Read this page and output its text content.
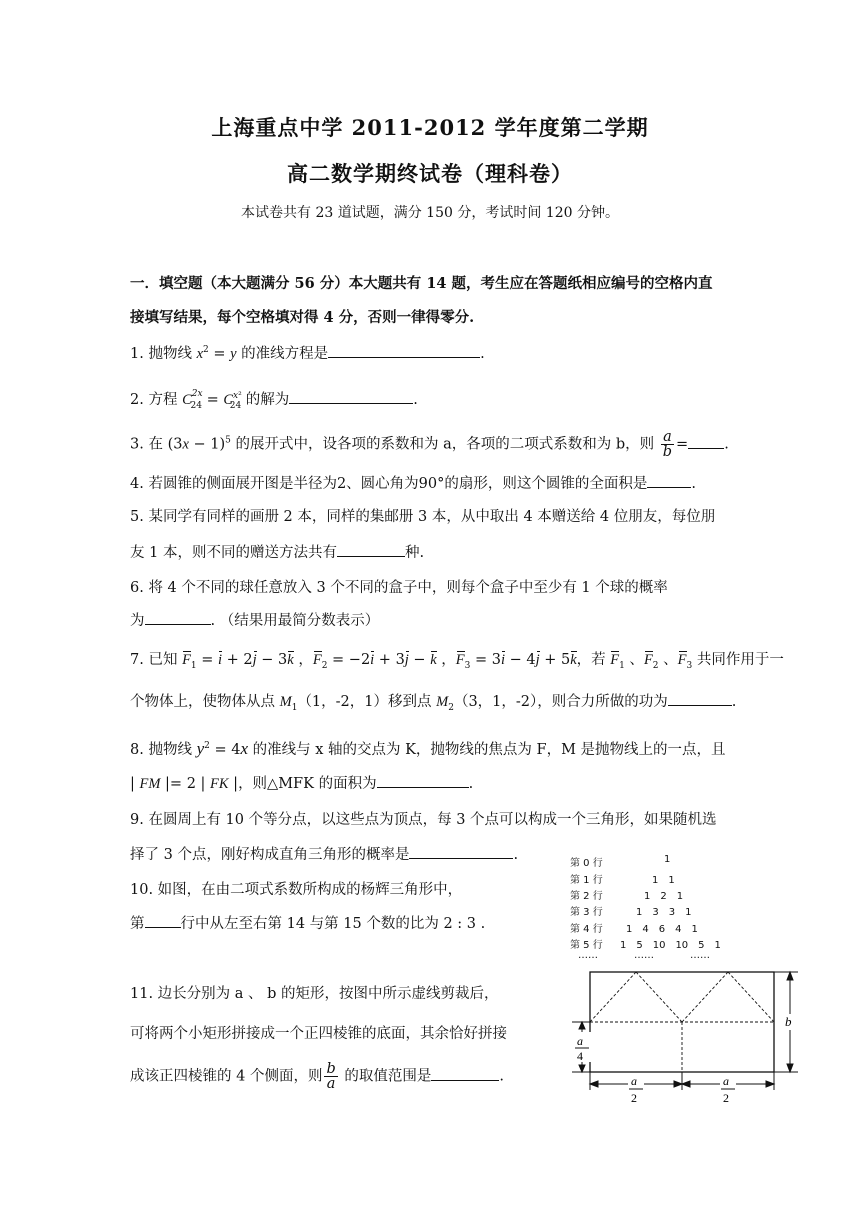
上海重点中学 2011-2012 学年度第二学期
高二数学期终试卷（理科卷）
本试卷共有 23 道试题，满分 150 分，考试时间 120 分钟。
一．填空题（本大题满分 56 分）本大题共有 14 题，考生应在答题纸相应编号的空格内直
接填写结果，每个空格填对得 4 分，否则一律得零分.
1. 抛物线 $x^2 = y$ 的准线方程是	.
2. 方程 $C^{2x}_{24} = C^{x^2}_{24}$ 的解为	.
3. 在 $(3x - 1)^5$ 的展开式中，设各项的系数和为 a，各项的二项式系数和为 b，则 $\frac{a}{b}$ = .
4. 若圆锥的侧面展开图是半径为2、圆心角为90°的扇形，则这个圆锥的全面积是	.
5. 某同学有同样的画册 2 本，同样的集邮册 3 本，从中取出 4 本赠送给 4 位朋友，每位朋
友 1 本，则不同的赠送方法共有	种.
6. 将 4 个不同的球任意放入 3 个不同的盒子中，则每个盒子中至少有 1 个球的概率
为	. （结果用最简分数表示）
7. 已知 $F_1 = i + 2j - 3k$ ，$F_2 = -2i + 3j - k$ ，$F_3 = 3i - 4j + 5k$，若 $F_1$ 、$F_2$ 、$F_3$ 共同作用于一
个物体上，使物体从点 $M_1(1$，-2，1）移到点 $M_2(3$，1，-2），则合力所做的功为	.
8. 抛物线 $y^2 = 4x$ 的准线与 x 轴的交点为 K，抛物线的焦点为 F，M 是抛物线上的一点，且
| FM |= 2 | FK |，则△MFK 的面积为	.
9. 在圆周上有 10 个等分点，以这些点为顶点，每 3 个点可以构成一个三角形，如果随机选
择了 3 个点，刚好构成直角三角形的概率是	.
10. 如图，在由二项式系数所构成的杨辉三角形中，
第 行中从左至右第 14 与第 15 个数的比为 2 : 3 .
第 0 行	1
第 1 行	1　1
第 2 行	1　2　1
第 3 行	1　3　3　1
第 4 行 1　4　6　4　1
第 5 行 1　5　10　10　5　1
……	……	……
11. 边长分别为 a 、 b 的矩形，按图中所示虚线剪裁后，
可将两个小矩形拼接成一个正四棱锥的底面，其余恰好拼接
成该正四棱锥的 4 个侧面，则 $\frac{b}{a}$ 的取值范围是	.
b
a
4
a
2
a
2
